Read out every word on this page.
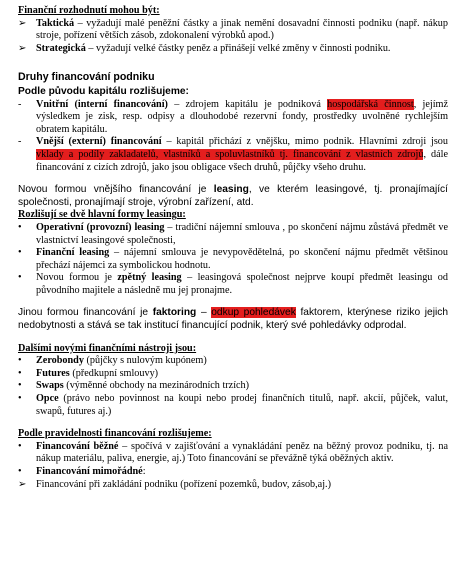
Finanční rozhodnutí mohou být:
➢ Taktická – vyžadují malé peněžní částky a jinak nemění dosavadní činnosti podniku (např. nákup stroje, pořízení větších zásob, zdokonalení výrobků apod.)
➢ Strategická – vyžadují velké částky peněz a přinášejí velké změny v činnosti podniku.
Druhy financování podniku
Podle původu kapitálu rozlišujeme:
-	Vnitřní (interní financování) – zdrojem kapitálu je podniková hospodářská činnost, jejímž výsledkem je zisk, resp. odpisy a dlouhodobé rezervní fondy, prostředky uvolněné rychlejším obratem kapitálu.
-	Vnější (externí) financování – kapitál přichází z vnějšku, mimo podnik. Hlavními zdroji jsou vklady a podíly zakladatelů, vlastníků a spoluvlastníků tj. financování z vlastních zdrojů, dále financování z cizích zdrojů, jako jsou obligace všech druhů, půjčky všeho druhu.
Novou formou vnějšího financování je leasing, ve kterém leasingové, tj. pronajímající společnosti, pronajímají stroje, výrobní zařízení, atd.
Rozlišují se dvě hlavní formy leasingu:
•	Operativní (provozní) leasing – tradiční nájemní smlouva , po skončení nájmu zůstává předmět ve vlastnictví leasingové společnosti,
•	Finanční leasing – nájemní smlouva je nevypovědětelná, po skončení nájmu předmět většinou přechází nájemci za symbolickou hodnotu.
•	Novou formou je zpětný leasing – leasingová společnost nejprve koupí předmět leasingu od původního majitele a následně mu jej pronajme.
Jinou formou financování je faktoring – odkup pohledávek faktorem, kterýnese riziko jejich nedobytnosti a stává se tak institucí financující podnik, který své pohledávky odprodal.
Dalšími novými finančními nástroji jsou:
•	Zerobondy (půjčky s nulovým kupónem)
•	Futures (předkupní smlouvy)
•	Swaps (výměnné obchody na mezinárodních trzích)
•	Opce (právo nebo povinnost na koupi nebo prodej finančních titulů, např. akcií, půjček, valut, swapů, futures aj.)
Podle pravidelnosti financování rozlišujeme:
•	Financování běžné – spočívá v zajišťování a vynakládání peněz na běžný provoz podniku, tj. na nákup materiálu, paliva, energie, aj.) Toto financování se převážně týká oběžných aktiv.
•	Financování mimořádné:
➢ Financování při zakládání podniku (pořízení pozemků, budov, zásob,aj.)
